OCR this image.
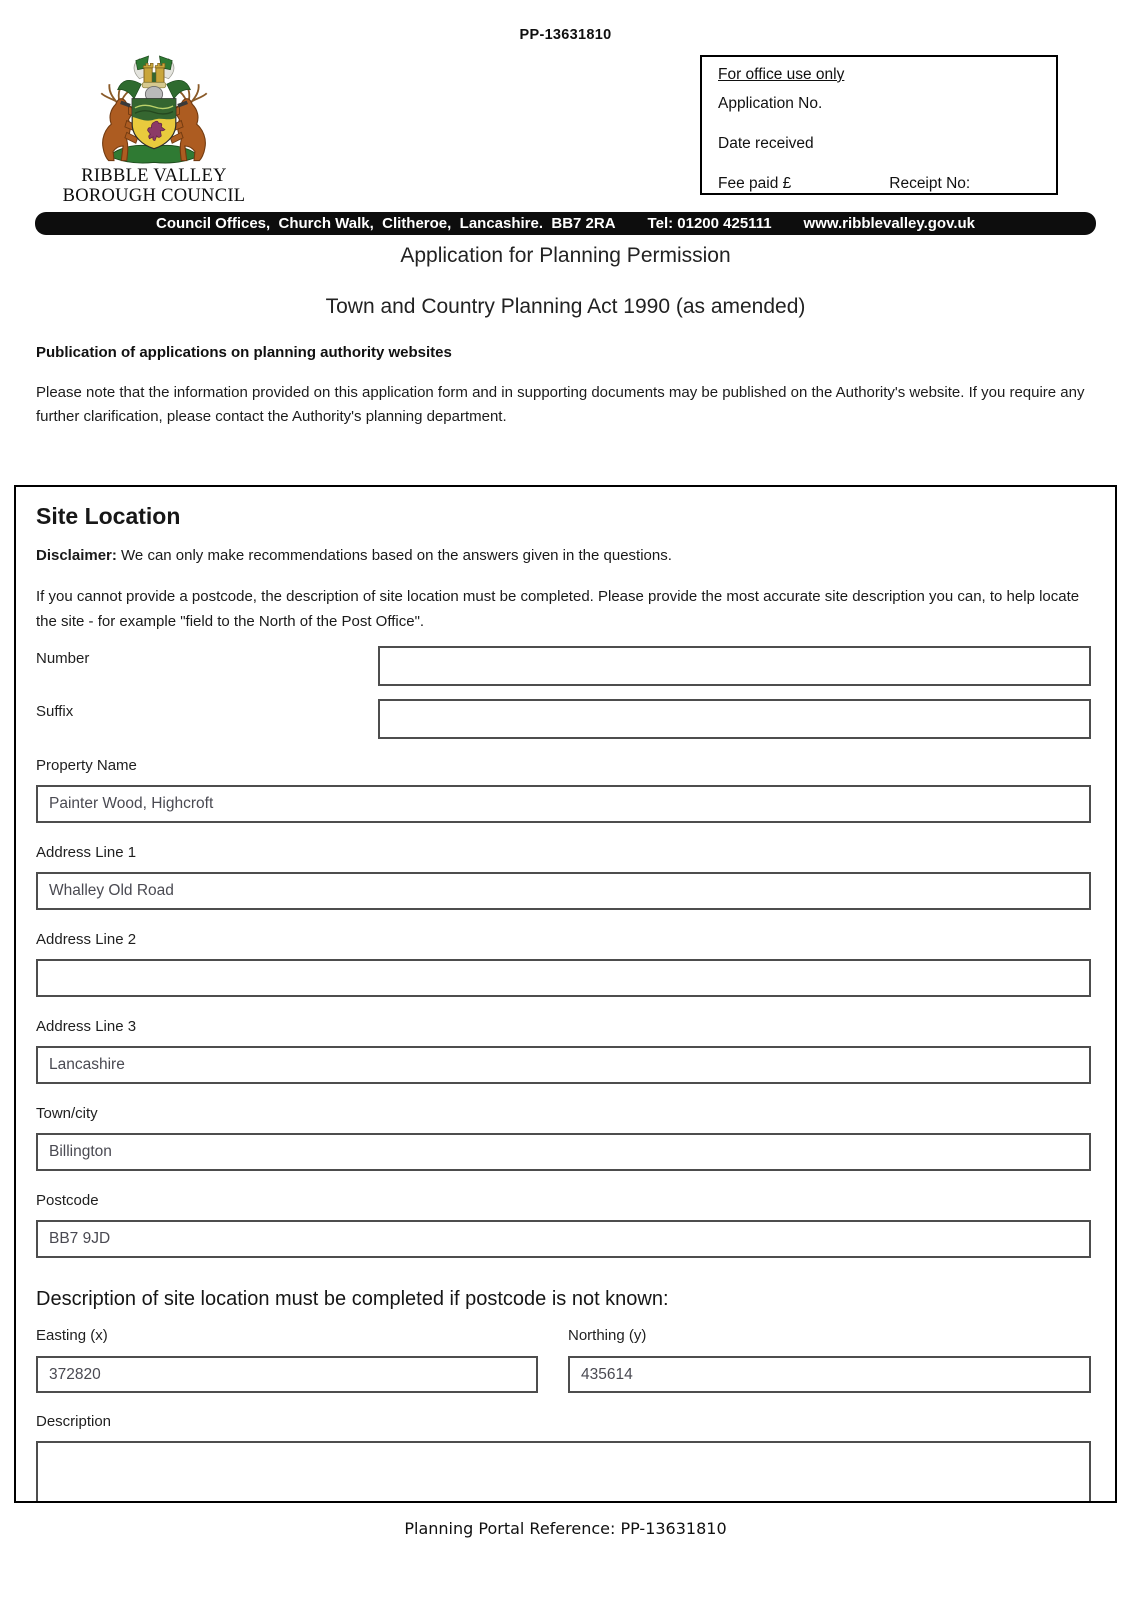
PP-13631810
RIBBLE VALLEY
BOROUGH COUNCIL
For office use only
Application No.
Date received
Fee paid £	Receipt No:
Council Offices,  Church Walk,  Clitheroe,  Lancashire.  BB7 2RA Tel: 01200 425111 www.ribblevalley.gov.uk
Application for Planning Permission
Town and Country Planning Act 1990 (as amended)
Publication of applications on planning authority websites
Please note that the information provided on this application form and in supporting documents may be published on the Authority's website. If you require any further clarification, please contact the Authority's planning department.
Site Location
Disclaimer: We can only make recommendations based on the answers given in the questions.
If you cannot provide a postcode, the description of site location must be completed. Please provide the most accurate site description you can, to help locate the site - for example "field to the North of the Post Office".
Number
Suffix
Property Name
Painter Wood, Highcroft
Address Line 1
Whalley Old Road
Address Line 2
Address Line 3
Lancashire
Town/city
Billington
Postcode
BB7 9JD
Description of site location must be completed if postcode is not known:
Easting (x)
372820	Northing (y)
435614
Description
Planning Portal Reference: PP-13631810
